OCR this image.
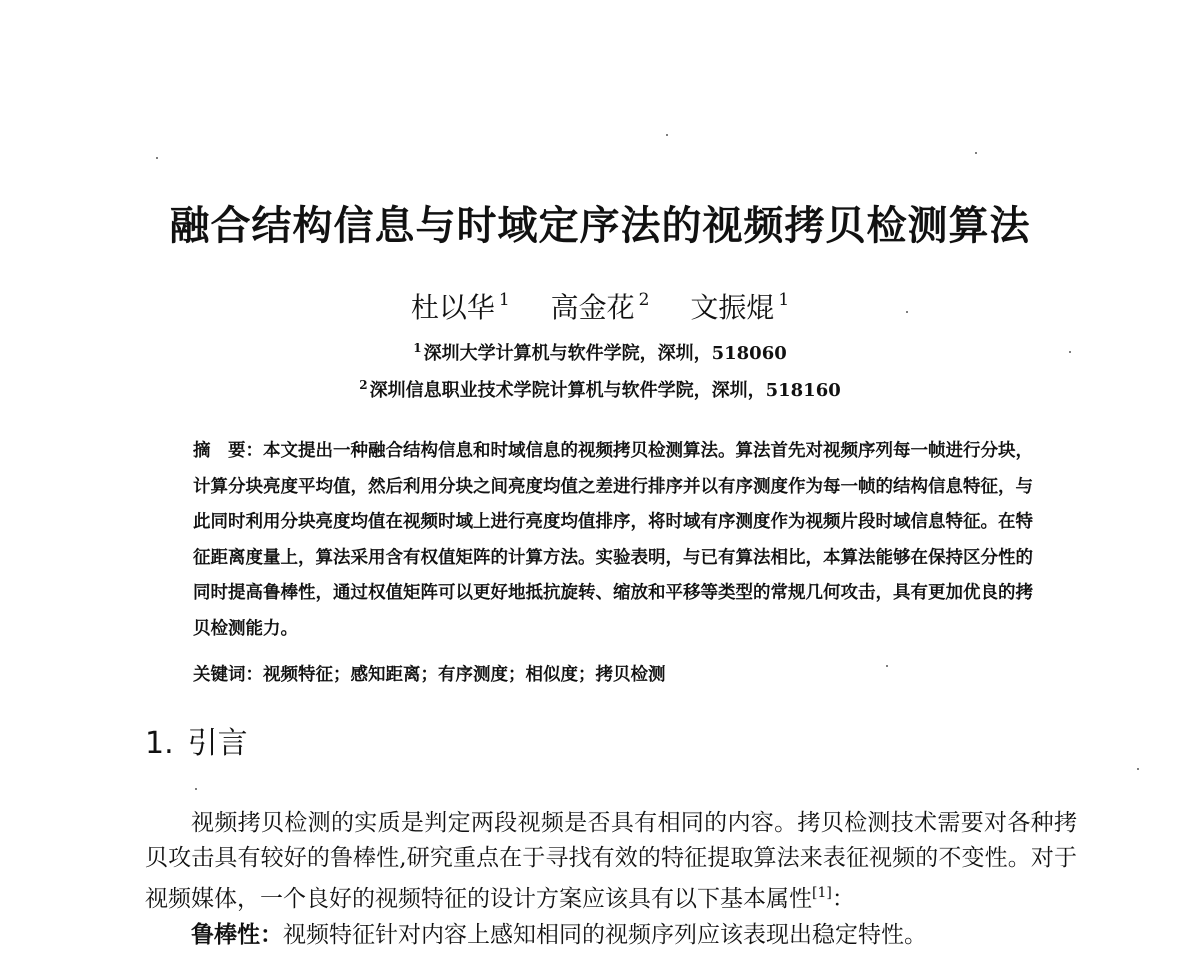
融合结构信息与时域定序法的视频拷贝检测算法
杜以华 $^1$ 高金花 $^2$ 文振焜 $^1$
$^1$ 深圳大学计算机与软件学院，深圳，518060
$^2$ 深圳信息职业技术学院计算机与软件学院，深圳，518160
摘　要：本文提出一种融合结构信息和时域信息的视频拷贝检测算法。算法首先对视频序列每一帧进行分块，计算分块亮度平均值，然后利用分块之间亮度均值之差进行排序并以有序测度作为每一帧的结构信息特征，与此同时利用分块亮度均值在视频时域上进行亮度均值排序，将时域有序测度作为视频片段时域信息特征。在特征距离度量上，算法采用含有权值矩阵的计算方法。实验表明，与已有算法相比，本算法能够在保持区分性的同时提高鲁棒性，通过权值矩阵可以更好地抵抗旋转、缩放和平移等类型的常规几何攻击，具有更加优良的拷贝检测能力。
关键词：视频特征；感知距离；有序测度；相似度；拷贝检测
1. 引言

视频拷贝检测的实质是判定两段视频是否具有相同的内容。拷贝检测技术需要对各种拷贝攻击具有较好的鲁棒性,研究重点在于寻找有效的特征提取算法来表征视频的不变性。对于视频媒体，一个良好的视频特征的设计方案应该具有以下基本属性[1]：

鲁棒性：视频特征针对内容上感知相同的视频序列应该表现出稳定特性。
